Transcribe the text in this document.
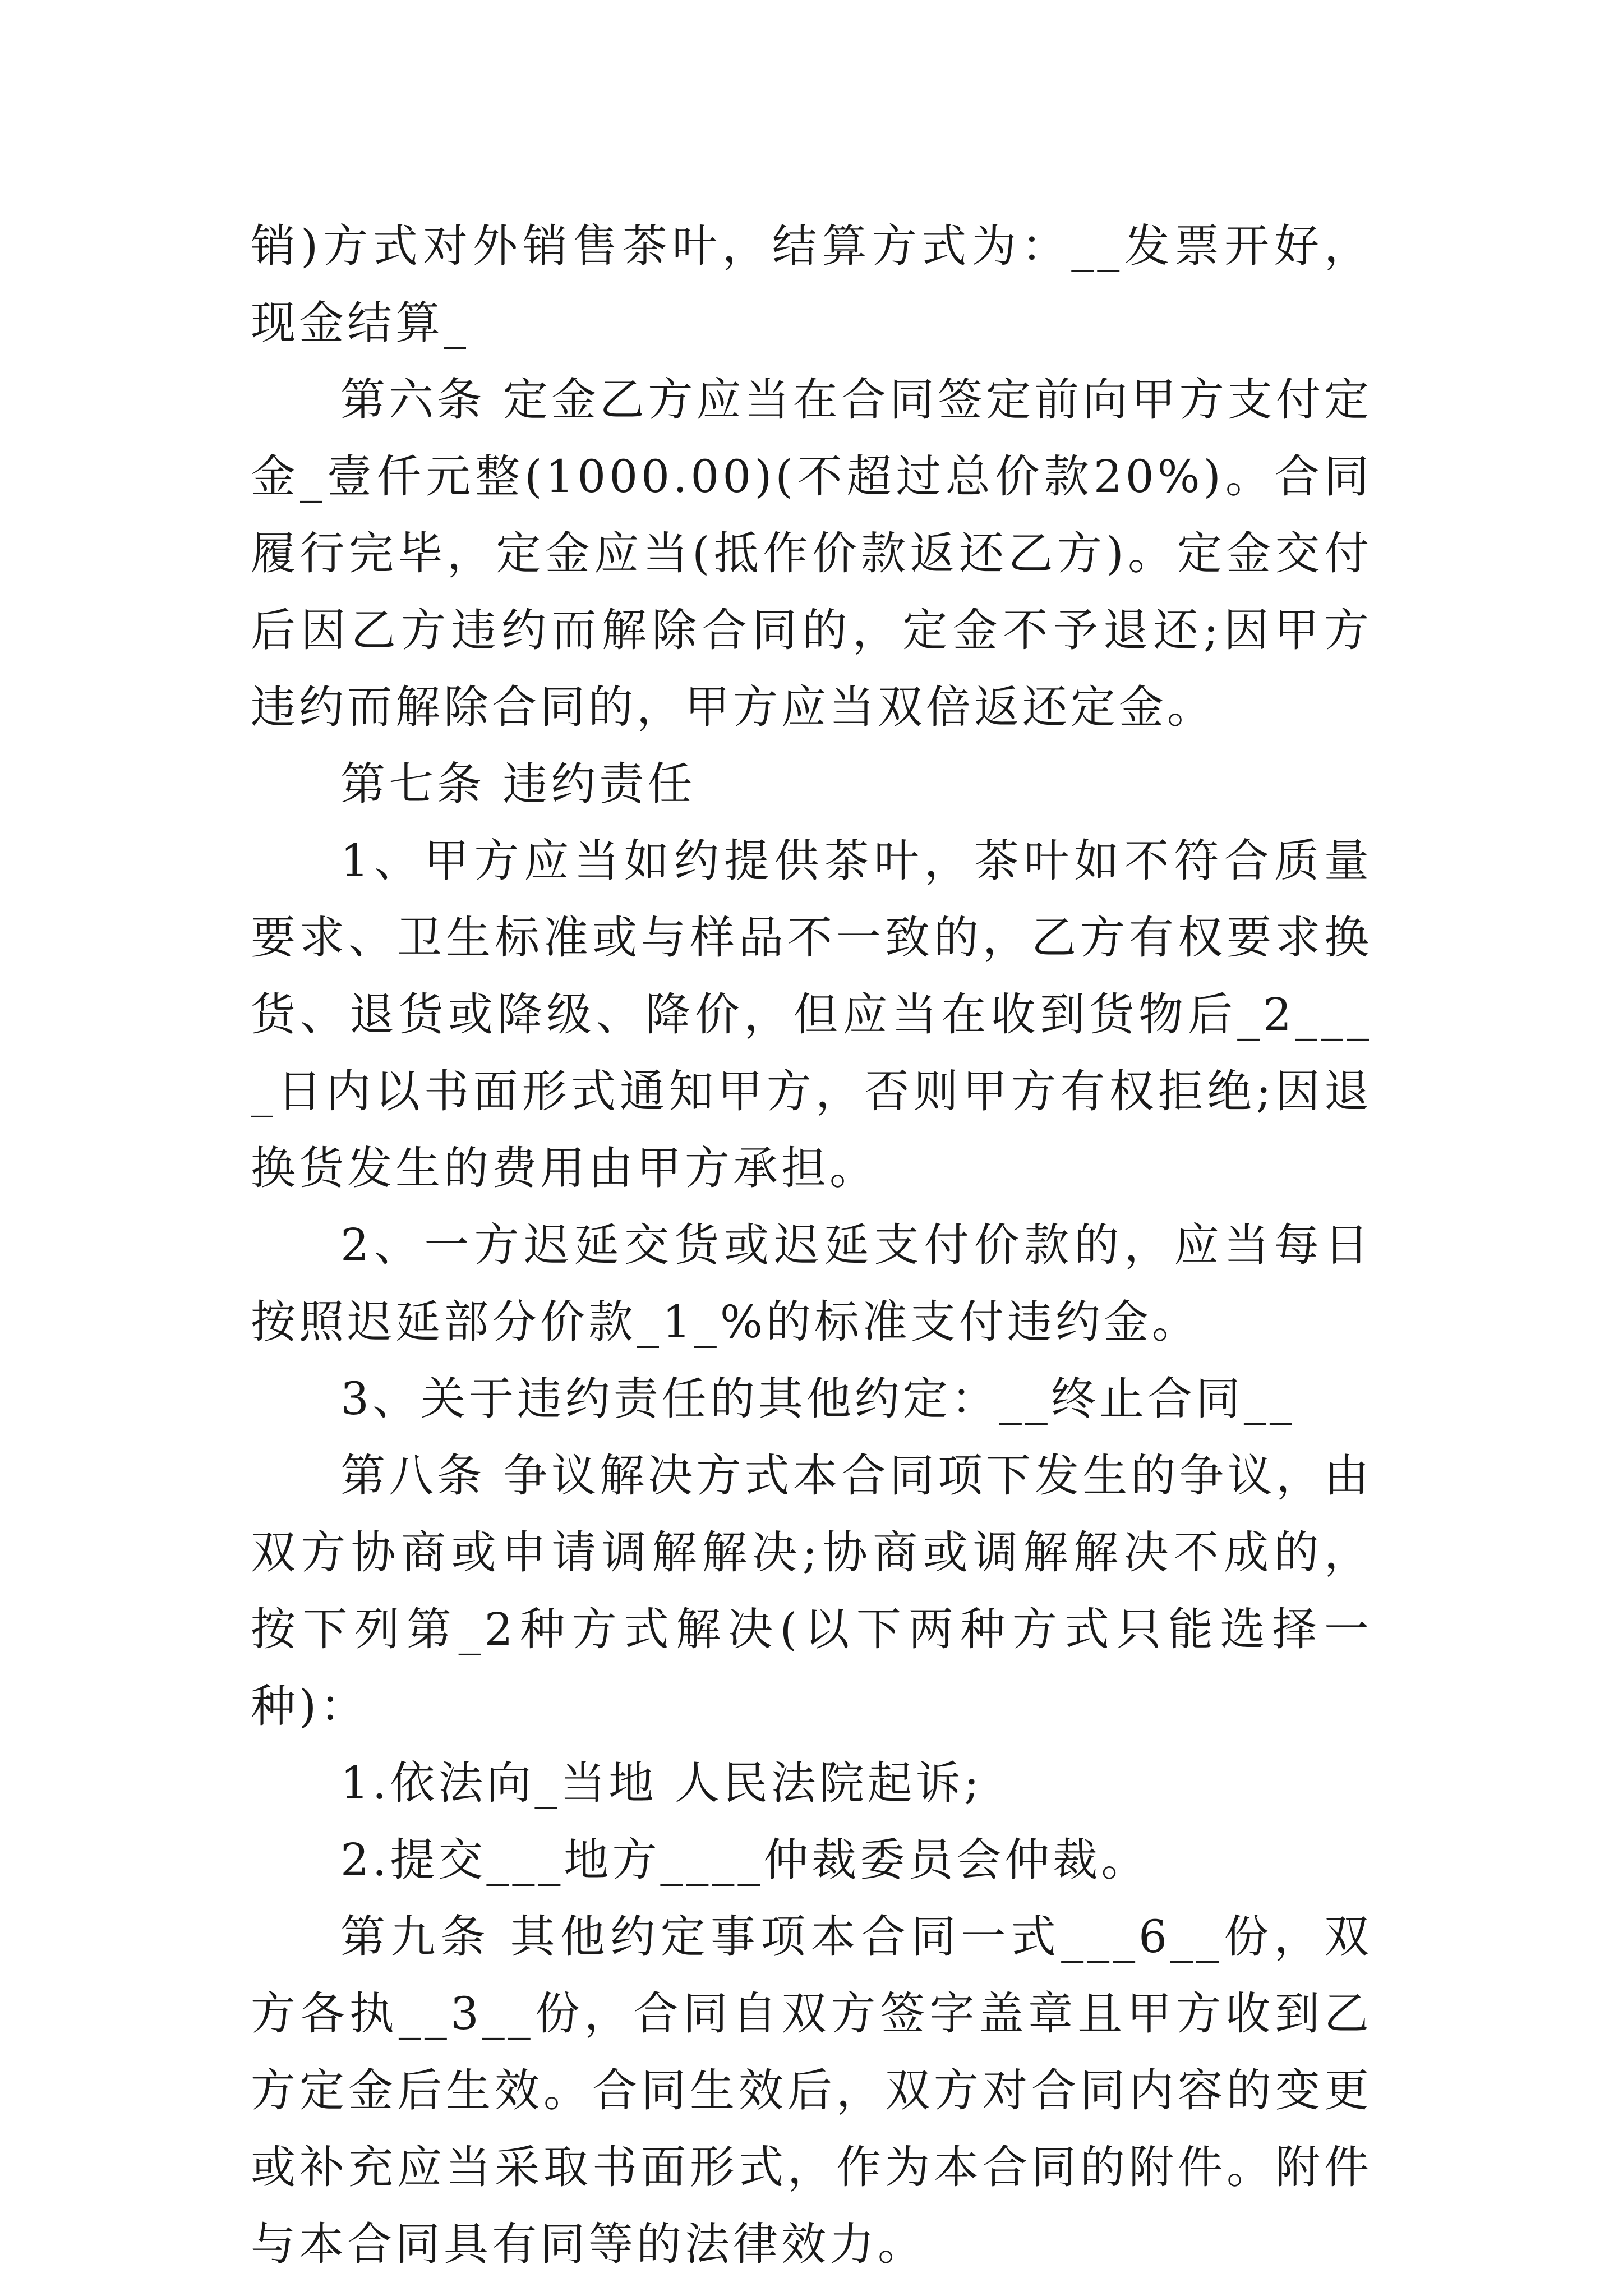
销)方式对外销售茶叶，结算方式为：__发票开好，现金结算_

第六条 定金乙方应当在合同签定前向甲方支付定金_壹仟元整(1000.00)(不超过总价款20%)。合同履行完毕，定金应当(抵作价款返还乙方)。定金交付后因乙方违约而解除合同的，定金不予退还;因甲方违约而解除合同的，甲方应当双倍返还定金。

第七条 违约责任

1、甲方应当如约提供茶叶，茶叶如不符合质量要求、卫生标准或与样品不一致的，乙方有权要求换货、退货或降级、降价，但应当在收到货物后_2____日内以书面形式通知甲方，否则甲方有权拒绝;因退换货发生的费用由甲方承担。

2、一方迟延交货或迟延支付价款的，应当每日按照迟延部分价款_1_%的标准支付违约金。

3、关于违约责任的其他约定：__终止合同__

第八条 争议解决方式本合同项下发生的争议，由双方协商或申请调解解决;协商或调解解决不成的，按下列第_2种方式解决(以下两种方式只能选择一种)：

1.依法向_当地 人民法院起诉;

2.提交___地方____仲裁委员会仲裁。

第九条 其他约定事项本合同一式___6__份，双方各执__3__份，合同自双方签字盖章且甲方收到乙方定金后生效。合同生效后，双方对合同内容的变更或补充应当采取书面形式，作为本合同的附件。附件与本合同具有同等的法律效力。
